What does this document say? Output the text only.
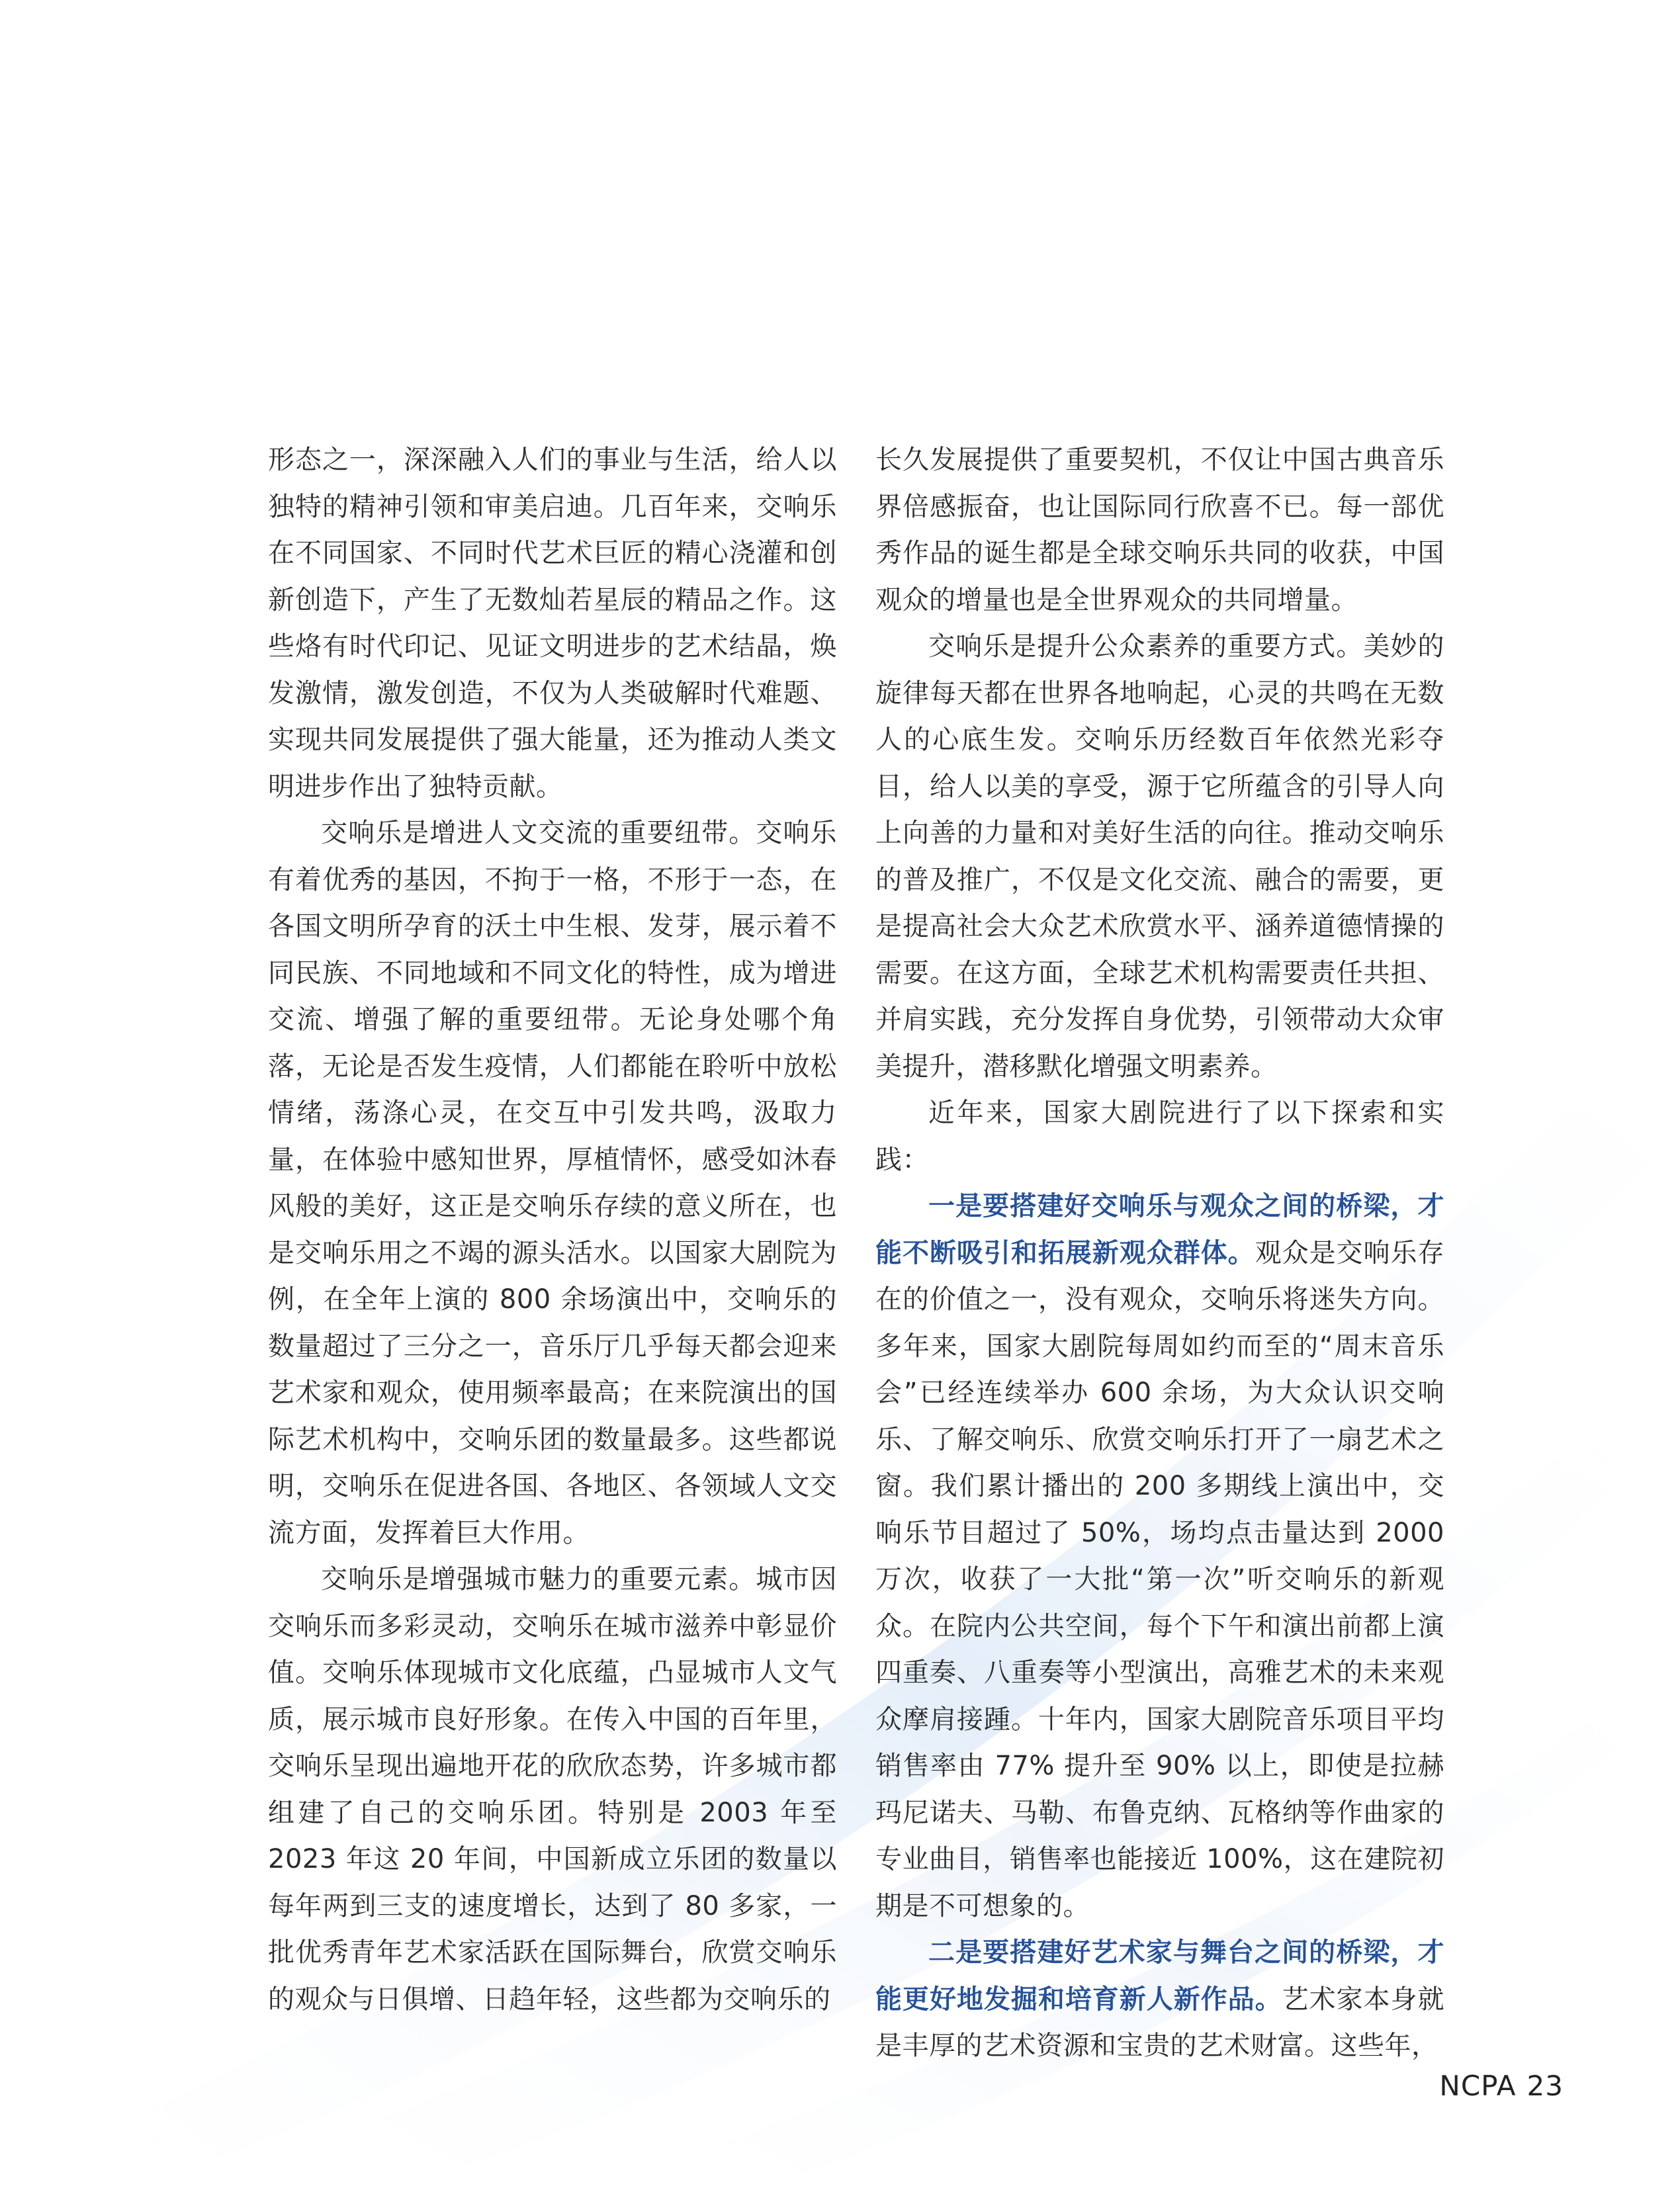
形态之一，深深融入人们的事业与生活，给人以独特的精神引领和审美启迪。几百年来，交响乐在不同国家、不同时代艺术巨匠的精心浇灌和创新创造下，产生了无数灿若星辰的精品之作。这些烙有时代印记、见证文明进步的艺术结晶，焕发激情，激发创造，不仅为人类破解时代难题、实现共同发展提供了强大能量，还为推动人类文明进步作出了独特贡献。

交响乐是增进人文交流的重要纽带。交响乐有着优秀的基因，不拘于一格，不形于一态，在各国文明所孕育的沃土中生根、发芽，展示着不同民族、不同地域和不同文化的特性，成为增进交流、增强了解的重要纽带。无论身处哪个角落，无论是否发生疫情，人们都能在聆听中放松情绪，荡涤心灵，在交互中引发共鸣，汲取力量，在体验中感知世界，厚植情怀，感受如沐春风般的美好，这正是交响乐存续的意义所在，也是交响乐用之不竭的源头活水。以国家大剧院为例，在全年上演的 800 余场演出中，交响乐的数量超过了三分之一，音乐厅几乎每天都会迎来艺术家和观众，使用频率最高；在来院演出的国际艺术机构中，交响乐团的数量最多。这些都说明，交响乐在促进各国、各地区、各领域人文交流方面，发挥着巨大作用。

交响乐是增强城市魅力的重要元素。城市因交响乐而多彩灵动，交响乐在城市滋养中彰显价值。交响乐体现城市文化底蕴，凸显城市人文气质，展示城市良好形象。在传入中国的百年里，交响乐呈现出遍地开花的欣欣态势，许多城市都组建了自己的交响乐团。特别是 2003 年至 2023 年这 20 年间，中国新成立乐团的数量以每年两到三支的速度增长，达到了 80 多家，一批优秀青年艺术家活跃在国际舞台，欣赏交响乐的观众与日俱增、日趋年轻，这些都为交响乐的

长久发展提供了重要契机，不仅让中国古典音乐界倍感振奋，也让国际同行欣喜不已。每一部优秀作品的诞生都是全球交响乐共同的收获，中国观众的增量也是全世界观众的共同增量。

交响乐是提升公众素养的重要方式。美妙的旋律每天都在世界各地响起，心灵的共鸣在无数人的心底生发。交响乐历经数百年依然光彩夺目，给人以美的享受，源于它所蕴含的引导人向上向善的力量和对美好生活的向往。推动交响乐的普及推广，不仅是文化交流、融合的需要，更是提高社会大众艺术欣赏水平、涵养道德情操的需要。在这方面，全球艺术机构需要责任共担、并肩实践，充分发挥自身优势，引领带动大众审美提升，潜移默化增强文明素养。

近年来，国家大剧院进行了以下探索和实践：

一是要搭建好交响乐与观众之间的桥梁，才能不断吸引和拓展新观众群体。观众是交响乐存在的价值之一，没有观众，交响乐将迷失方向。多年来，国家大剧院每周如约而至的“周末音乐会”已经连续举办 600 余场，为大众认识交响乐、了解交响乐、欣赏交响乐打开了一扇艺术之窗。我们累计播出的 200 多期线上演出中，交响乐节目超过了 50%，场均点击量达到 2000 万次，收获了一大批“第一次”听交响乐的新观众。在院内公共空间，每个下午和演出前都上演四重奏、八重奏等小型演出，高雅艺术的未来观众摩肩接踵。十年内，国家大剧院音乐项目平均销售率由 77% 提升至 90% 以上，即使是拉赫玛尼诺夫、马勒、布鲁克纳、瓦格纳等作曲家的专业曲目，销售率也能接近 100%，这在建院初期是不可想象的。

二是要搭建好艺术家与舞台之间的桥梁，才能更好地发掘和培育新人新作品。艺术家本身就是丰厚的艺术资源和宝贵的艺术财富。这些年，

NCPA 23
